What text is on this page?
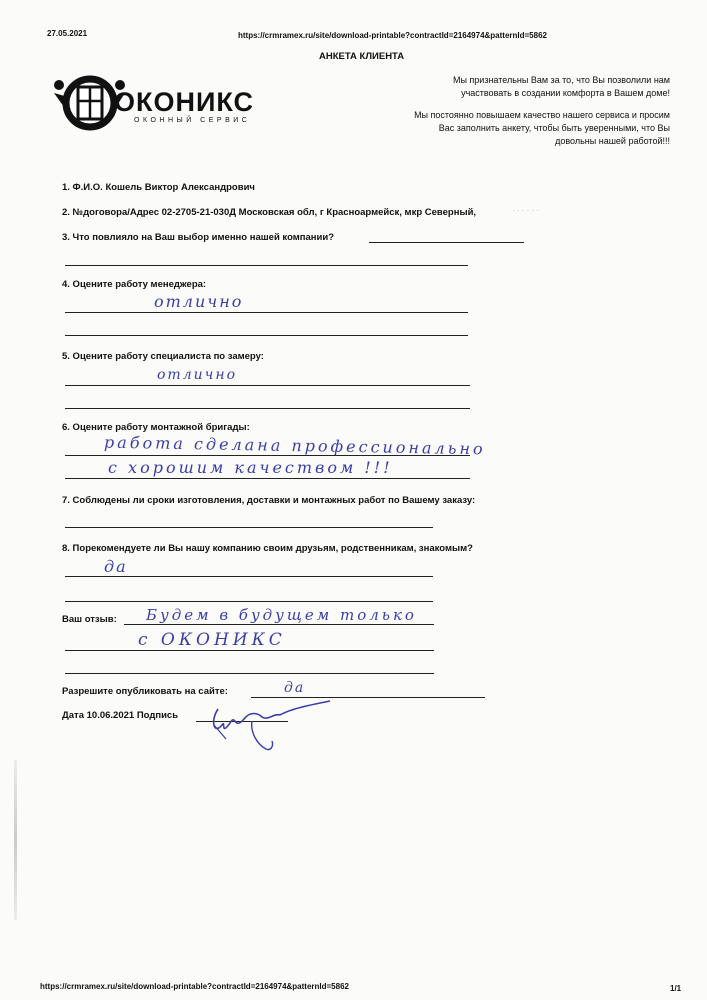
27.05.2021	https://crmramex.ru/site/download-printable?contractId=2164974&patternId=5862
АНКЕТА КЛИЕНТА
ОКОНИКС
ОКОННЫЙ СЕРВИС
Мы признательны Вам за то, что Вы позволили нам
участвовать в создании комфорта в Вашем доме!
Мы постоянно повышаем качество нашего сервиса и просим
Вас заполнить анкету, чтобы быть уверенными, что Вы
довольны нашей работой!!!
1. Ф.И.О. Кошель Виктор Александрович
2. №договора/Адрес 02-2705-21-030Д Московская обл, г Красноармейск, мкр Северный,	· · · · · ·
3. Что повлияло на Ваш выбор именно нашей компании?
4. Оцените работу менеджера:
отлично
5. Оцените работу специалиста по замеру:
отлично
6. Оцените работу монтажной бригады:
работа сделана профессионально
с хорошим качеством !!!
7. Соблюдены ли сроки изготовления, доставки и монтажных работ по Вашему заказу:
8. Порекомендуете ли Вы нашу компанию своим друзьям, родственникам, знакомым?
да
Ваш отзыв: Будем в будущем только
с ОКОНИКС
Разрешите опубликовать на сайте:	да
Дата 10.06.2021 Подпись
https://crmramex.ru/site/download-printable?contractId=2164974&patternId=5862	1/1
